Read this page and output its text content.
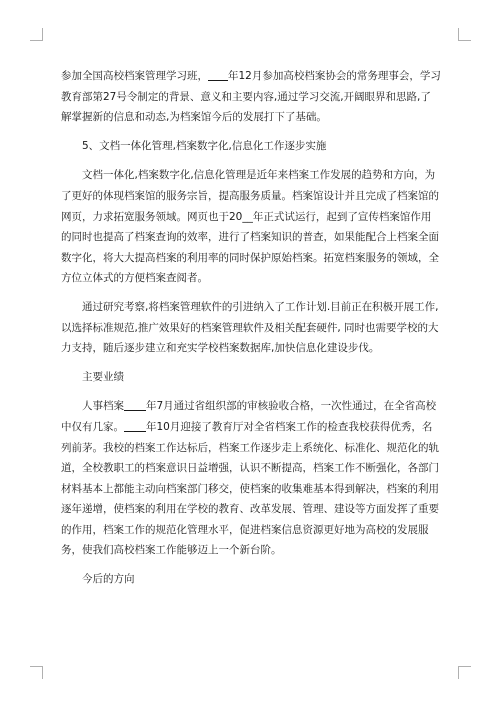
参加全国高校档案管理学习班， 年12月参加高校档案协会的常务理事会，学习教育部第27号令制定的背景、意义和主要内容,通过学习交流,开阔眼界和思路,了解掌握新的信息和动态,为档案馆今后的发展打下了基础。

5、文档一体化管理,档案数字化,信息化工作逐步实施

文档一体化,档案数字化,信息化管理是近年来档案工作发展的趋势和方向，为了更好的体现档案馆的服务宗旨，提高服务质量。档案馆设计并且完成了档案馆的网页，力求拓宽服务领域。网页也于20__年正式试运行，起到了宣传档案馆作用的同时也提高了档案查询的效率，进行了档案知识的普查，如果能配合上档案全面数字化，将大大提高档案的利用率的同时保护原始档案。拓宽档案服务的领域，全方位立体式的方便档案查阅者。

通过研究考察,将档案管理软件的引进纳入了工作计划.目前正在积极开展工作,以选择标准规范,推广效果好的档案管理软件及相关配套硬件, 同时也需要学校的大力支持，随后逐步建立和充实学校档案数据库,加快信息化建设步伐。

主要业绩

人事档案 年7月通过省组织部的审核验收合格，一次性通过，在全省高校中仅有几家。 年10月迎接了教育厅对全省档案工作的检查我校获得优秀，名列前茅。我校的档案工作达标后，档案工作逐步走上系统化、标准化、规范化的轨道，全校教职工的档案意识日益增强，认识不断提高，档案工作不断强化，各部门材料基本上都能主动向档案部门移交，使档案的收集难基本得到解决，档案的利用逐年递增，使档案的利用在学校的教育、改革发展、管理、建设等方面发挥了重要的作用，档案工作的规范化管理水平，促进档案信息资源更好地为高校的发展服务，使我们高校档案工作能够迈上一个新台阶。

今后的方向
